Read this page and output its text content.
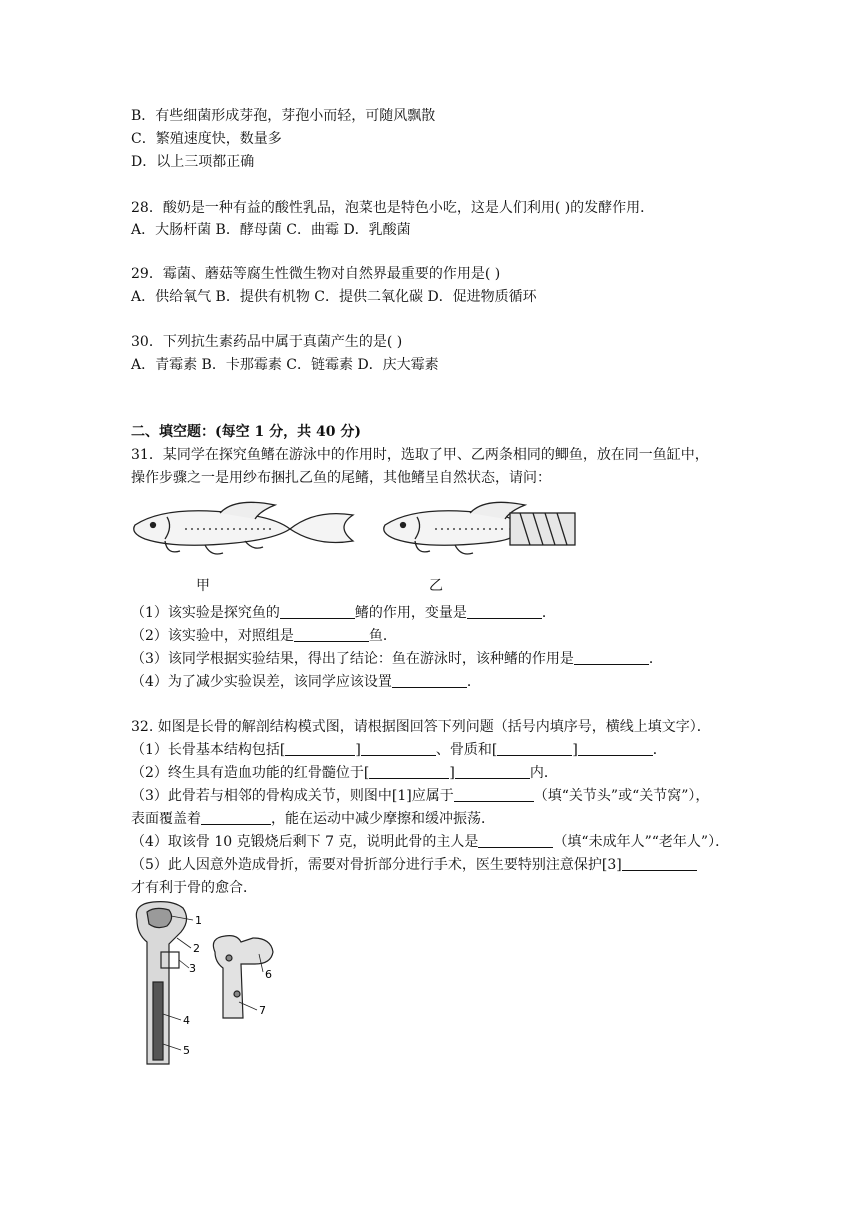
B．有些细菌形成芽孢，芽孢小而轻，可随风飘散
C．繁殖速度快，数量多
D．以上三项都正确
28．酸奶是一种有益的酸性乳品，泡菜也是特色小吃，这是人们利用( )的发酵作用．
A．大肠杆菌 B．酵母菌 C．曲霉 D．乳酸菌
29．霉菌、蘑菇等腐生性微生物对自然界最重要的作用是( )
A．供给氧气 B．提供有机物 C．提供二氧化碳 D．促进物质循环
30．下列抗生素药品中属于真菌产生的是( )
A．青霉素 B．卡那霉素 C．链霉素 D．庆大霉素
二、填空题：(每空 1 分，共 40 分)
31．某同学在探究鱼鳍在游泳中的作用时，选取了甲、乙两条相同的鲫鱼，放在同一鱼缸中，
操作步骤之一是用纱布捆扎乙鱼的尾鳍，其他鳍呈自然状态，请问：
甲	乙
（1）该实验是探究鱼的	鳍的作用，变量是	．
（2）该实验中，对照组是	鱼．
（3）该同学根据实验结果，得出了结论：鱼在游泳时，该种鳍的作用是	．
（4）为了减少实验误差，该同学应该设置	．
32. 如图是长骨的解剖结构模式图，请根据图回答下列问题（括号内填序号，横线上填文字）．
（1）长骨基本结构包括[	]	、骨质和[	]	．
（2）终生具有造血功能的红骨髓位于[	]	内．
（3）此骨若与相邻的骨构成关节，则图中[1]应属于	（填“关节头”或“关节窝”），
表面覆盖着	，能在运动中减少摩擦和缓冲振荡．
（4）取该骨 10 克锻烧后剩下 7 克，说明此骨的主人是	（填“未成年人”“老年人”）．
（5）此人因意外造成骨折，需要对骨折部分进行手术，医生要特别注意保护[3]
才有利于骨的愈合．
1
2
3
4
5
6
7
